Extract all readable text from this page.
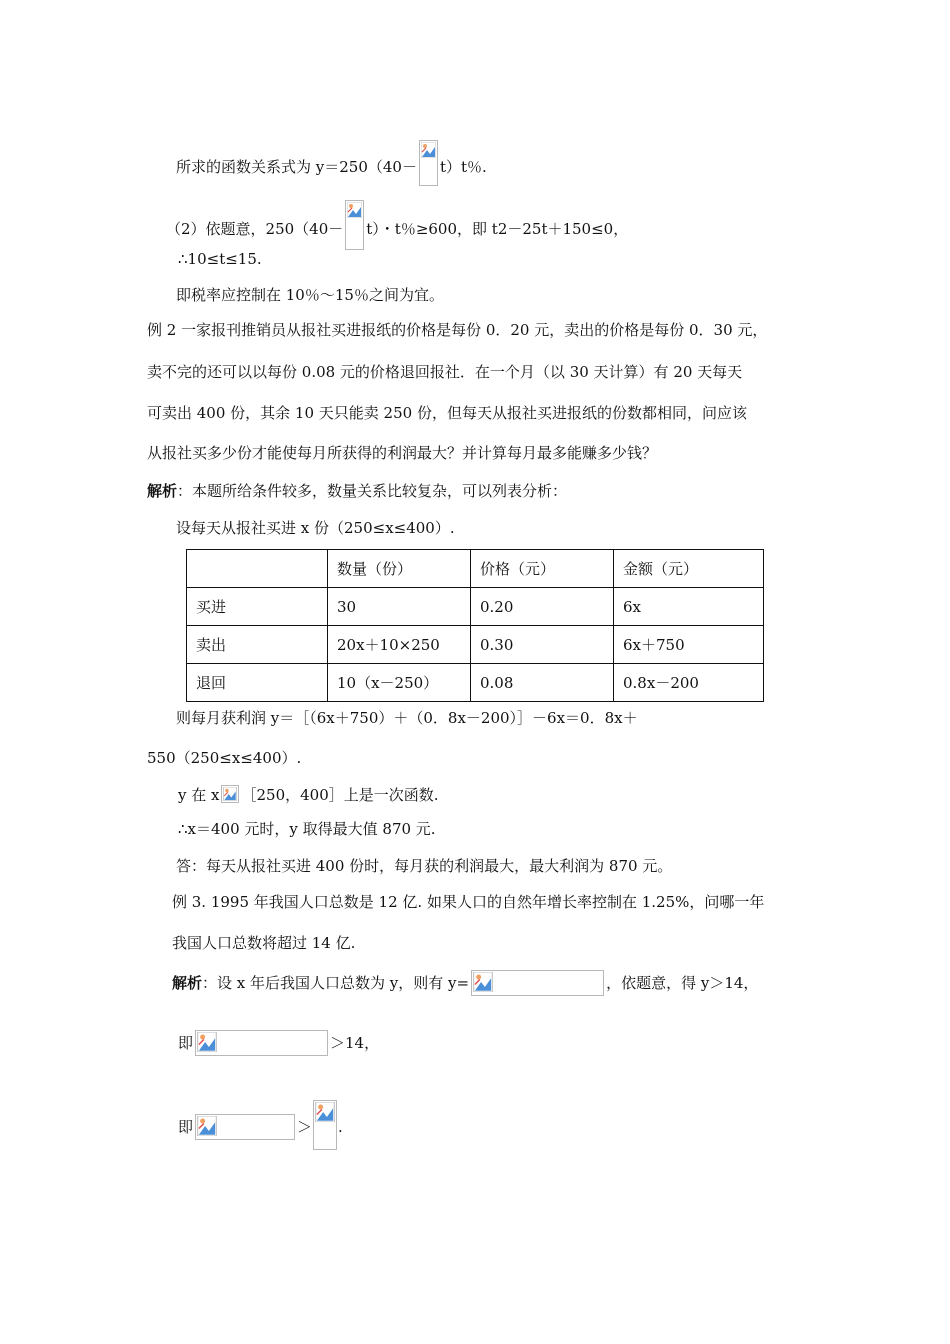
所求的函数关系式为 y＝250（40－ t）t％.
（2）依题意，250（40－ t）・t％≥600，即 t2－25t＋150≤0，
∴10≤t≤15.
即税率应控制在 10％～15％之间为宜。
例 2 一家报刊推销员从报社买进报纸的价格是每份 0．20 元，卖出的价格是每份 0．30 元，
卖不完的还可以以每份 0.08 元的价格退回报社．在一个月（以 30 天计算）有 20 天每天
可卖出 400 份，其余 10 天只能卖 250 份，但每天从报社买进报纸的份数都相同，问应该
从报社买多少份才能使每月所获得的利润最大？并计算每月最多能赚多少钱？
解析：本题所给条件较多，数量关系比较复杂，可以列表分析：
设每天从报社买进 x 份（250≤x≤400）.
	数量（份）	价格（元）	金额（元）
买进	30	0.20	6x
卖出	20x＋10×250	0.30	6x＋750
退回	10（x－250）	0.08	0.8x－200
则每月获利润 y＝［（6x＋750）＋（0．8x－200）］－6x＝0．8x＋
550（250≤x≤400）.
y 在 x ［250，400］上是一次函数.
∴x＝400 元时，y 取得最大值 870 元.
答：每天从报社买进 400 份时，每月获的利润最大，最大利润为 870 元。
例 3. 1995 年我国人口总数是 12 亿. 如果人口的自然年增长率控制在 1.25%，问哪一年
我国人口总数将超过 14 亿.
解析：设 x 年后我国人口总数为 y，则有 y=	，依题意，得 y＞14，
即	＞14，
即	＞ .
